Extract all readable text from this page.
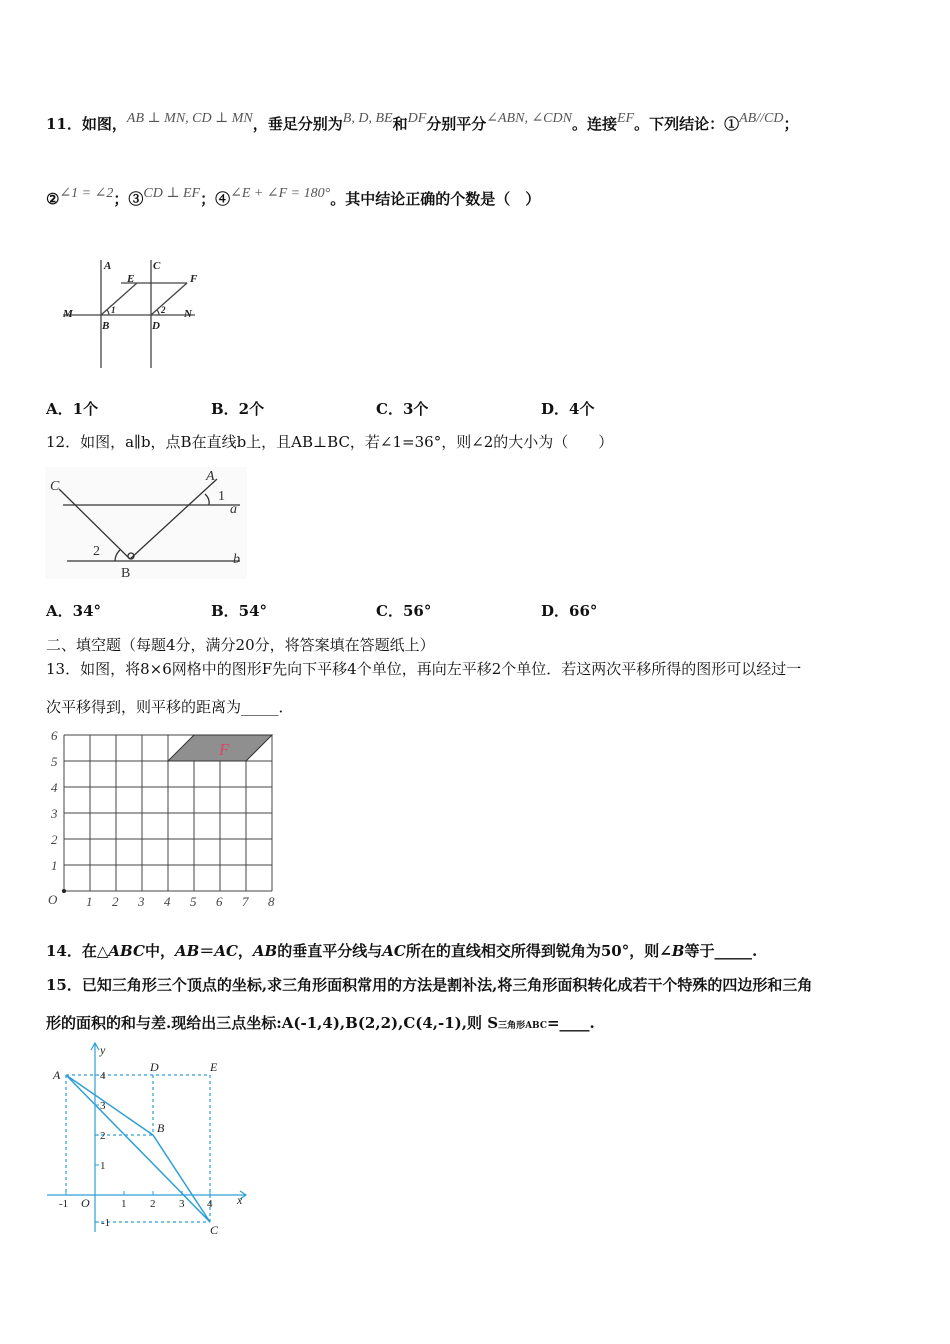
11．如图，AB ⊥ MN, CD ⊥ MN，垂足分别为B, D, BE和DF分别平分∠ABN, ∠CDN。连接EF。下列结论：①AB//CD；
②∠1 = ∠2；③CD ⊥ EF；④∠E + ∠F = 180°。其中结论正确的个数是（　）
A	C
E	F
M	N
B	D
1	2
A．1个	B．2个	C．3个	D．4个
12．如图，a∥b，点B在直线b上，且AB⊥BC，若∠1=36°，则∠2的大小为（　　）
C
A
1
a
2
b
B
A．34°	B．54°	C．56°	D．66°
二、填空题（每题4分，满分20分，将答案填在答题纸上）
13．如图，将8×6网格中的图形F先向下平移4个单位，再向左平移2个单位．若这两次平移所得的图形可以经过一
次平移得到，则平移的距离为_____．
F
1 2 3 4 5 6 7 8
1
2
3
4
5
6
O
14．在△ABC中，AB＝AC，AB的垂直平分线与AC所在的直线相交所得到锐角为50°，则∠B等于_____.
15．已知三角形三个顶点的坐标,求三角形面积常用的方法是割补法,将三角形面积转化成若干个特殊的四边形和三角
形的面积的和与差.现给出三点坐标:A(-1,4),B(2,2),C(4,-1),则 S三角形ABC=____.
y
x
A
D	E
B
C
O
4
3
2
1
-1	1 2 3 4
-1
